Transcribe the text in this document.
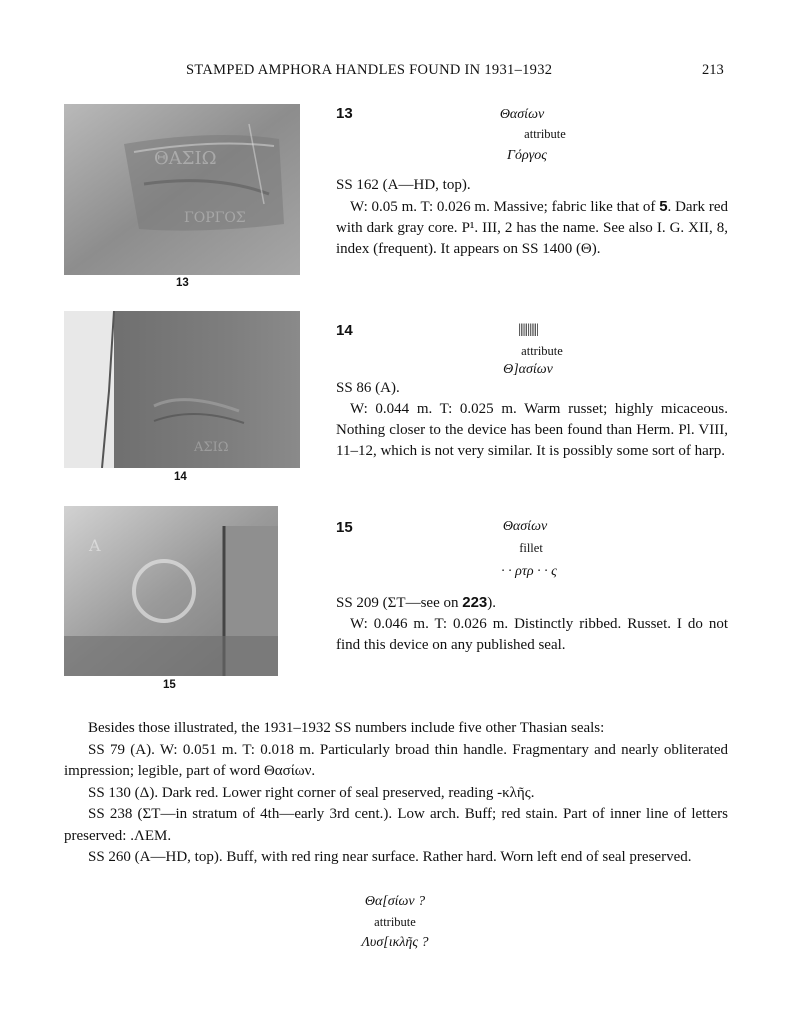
STAMPED AMPHORA HANDLES FOUND IN 1931–1932	213
ΘΑΣΙΩ
ΓΟΡΓΟΣ
13
ΑΣΙΩ
14
Α
15
13	Θασίων
attribute
Γόργος

SS 162 (A—HD, top).

W: 0.05 m. T: 0.026 m. Massive; fabric like that of 5. Dark red with dark gray core. P¹. III, 2 has the name. See also I. G. XII, 8, index (frequent). It appears on SS 1400 (Θ).

14	|||||||||||
attribute
Θ]ασίων

SS 86 (A).

W: 0.044 m. T: 0.025 m. Warm russet; highly micaceous. Nothing closer to the device has been found than Herm. Pl. VIII, 11–12, which is not very similar. It is possibly some sort of harp.

15	Θασίων
fillet
· · ρτρ · · ς

SS 209 (ΣΤ—see on 223).

W: 0.046 m. T: 0.026 m. Distinctly ribbed. Russet. I do not find this device on any published seal.

Besides those illustrated, the 1931–1932 SS numbers include five other Thasian seals:

SS 79 (A). W: 0.051 m. T: 0.018 m. Particularly broad thin handle. Fragmentary and nearly obliterated impression; legible, part of word Θασίων.

SS 130 (Δ). Dark red. Lower right corner of seal preserved, reading -κλῆς.

SS 238 (ΣΤ—in stratum of 4th—early 3rd cent.). Low arch. Buff; red stain. Part of inner line of letters preserved: .ΛΕΜ.

SS 260 (A—HD, top). Buff, with red ring near surface. Rather hard. Worn left end of seal preserved.

Θα[σίων ?
attribute
Λυσ[ικλῆς ?
